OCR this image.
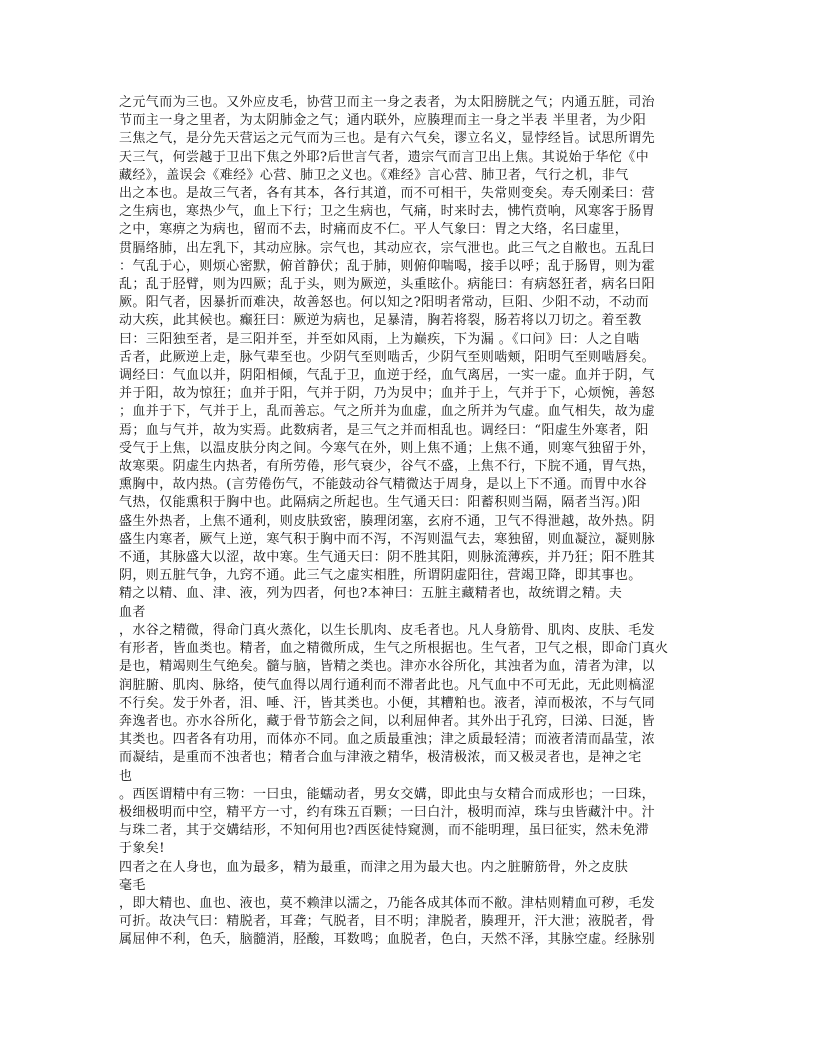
之元气而为三也。又外应皮毛，协营卫而主一身之表者，为太阳膀胱之气；内通五脏，司治

节而主一身之里者，为太阴肺金之气；通内联外，应腠理而主一身之半表 半里者，为少阳

三焦之气，是分先天营运之元气而为三也。是有六气矣，谬立名义，显悖经旨。试思所谓先

天三气，何尝越于卫出下焦之外耶?后世言气者，遗宗气而言卫出上焦。其说始于华佗《中

藏经》，盖误会《难经》心营、肺卫之义也。《难经》言心营、肺卫者，气行之机，非气

出之本也。是故三气者，各有其本，各行其道，而不可相干，失常则变矣。寿夭刚柔曰：营

之生病也，寒热少气，血上下行；卫之生病也，气痛，时来时去，怫忾贲响，风寒客于肠胃

之中，寒痹之为病也，留而不去，时痛而皮不仁。平人气象曰：胃之大络，名曰虚里，

贯膈络肺，出左乳下，其动应脉。宗气也，其动应衣，宗气泄也。此三气之自敝也。五乱曰

：气乱于心，则烦心密默，俯首静伏；乱于肺，则俯仰喘喝，接手以呼；乱于肠胃，则为霍

乱；乱于胫臂，则为四厥；乱于头，则为厥逆，头重眩仆。病能曰：有病怒狂者，病名曰阳

厥。阳气者，因暴折而难决，故善怒也。何以知之?阳明者常动，巨阳、少阳不动，不动而

动大疾，此其候也。癫狂曰：厥逆为病也，足暴清，胸若将裂，肠若将以刀切之。着至教

曰：三阳独至者，是三阳并至，并至如风雨，上为巅疾，下为漏 。《口问》曰：人之自啮

舌者，此厥逆上走，脉气辈至也。少阴气至则啮舌，少阴气至则啮颊，阳明气至则啮唇矣。

调经曰：气血以并，阴阳相倾，气乱于卫，血逆于经，血气离居，一实一虚。血并于阴，气

并于阳，故为惊狂；血并于阳，气并于阴，乃为炅中；血并于上，气并于下，心烦惋，善怒

；血并于下，气并于上，乱而善忘。气之所并为血虚，血之所并为气虚。血气相失，故为虚

焉；血与气并，故为实焉。此数病者，是三气之并而相乱也。调经曰：“阳虚生外寒者，阳

受气于上焦，以温皮肤分肉之间。今寒气在外，则上焦不通；上焦不通，则寒气独留于外，

故寒栗。阴虚生内热者，有所劳倦，形气衰少，谷气不盛，上焦不行，下脘不通，胃气热，

熏胸中，故内热。(言劳倦伤气，不能鼓动谷气精微达于周身，是以上下不通。而胃中水谷

气热，仅能熏积于胸中也。此隔病之所起也。生气通天曰：阳蓄积则当隔，隔者当泻。)阳

盛生外热者，上焦不通利，则皮肤致密，腠理闭塞，玄府不通，卫气不得泄越，故外热。阴

盛生内寒者，厥气上逆，寒气积于胸中而不泻，不泻则温气去，寒独留，则血凝泣，凝则脉

不通，其脉盛大以涩，故中寒。生气通天曰：阴不胜其阳，则脉流薄疾，并乃狂；阳不胜其

阴，则五脏气争，九窍不通。此三气之虚实相胜，所谓阴虚阳往，营竭卫降，即其事也。

精之以精、血、津、液，列为四者，何也?本神曰：五脏主藏精者也，故统谓之精。夫

血者

，水谷之精微，得命门真火蒸化，以生长肌肉、皮毛者也。凡人身筋骨、肌肉、皮肤、毛发

有形者，皆血类也。精者，血之精微所成，生气之所根据也。生气者，卫气之根，即命门真火

是也，精竭则生气绝矣。髓与脑，皆精之类也。津亦水谷所化，其浊者为血，清者为津，以

润脏腑、肌肉、脉络，使气血得以周行通利而不滞者此也。凡气血中不可无此，无此则槁涩

不行矣。发于外者，泪、唾、汗，皆其类也。小便，其糟粕也。液者，淖而极浓，不与气同

奔逸者也。亦水谷所化，藏于骨节筋会之间，以利屈伸者。其外出于孔窍，曰涕、曰涎，皆

其类也。四者各有功用，而体亦不同。血之质最重浊；津之质最轻清；而液者清而晶莹，浓

而凝结，是重而不浊者也；精者合血与津液之精华，极清极浓，而又极灵者也，是神之宅

也

。西医谓精中有三物：一曰虫，能蠕动者，男女交媾，即此虫与女精合而成形也；一曰珠，

极细极明而中空，精平方一寸，约有珠五百颗；一曰白汁，极明而淖，珠与虫皆藏汁中。汁

与珠二者，其于交媾结形，不知何用也?西医徒恃窥测，而不能明理，虽曰征实，然未免滞

于象矣!

四者之在人身也，血为最多，精为最重，而津之用为最大也。内之脏腑筋骨，外之皮肤

毫毛

，即大精也、血也、液也，莫不赖津以濡之，乃能各成其体而不敝。津枯则精血可秽，毛发

可折。故决气曰：精脱者，耳聋；气脱者，目不明；津脱者，腠理开，汗大泄；液脱者，骨

属屈伸不利，色夭，脑髓消，胫酸，耳数鸣；血脱者，色白，天然不泽，其脉空虚。经脉别
